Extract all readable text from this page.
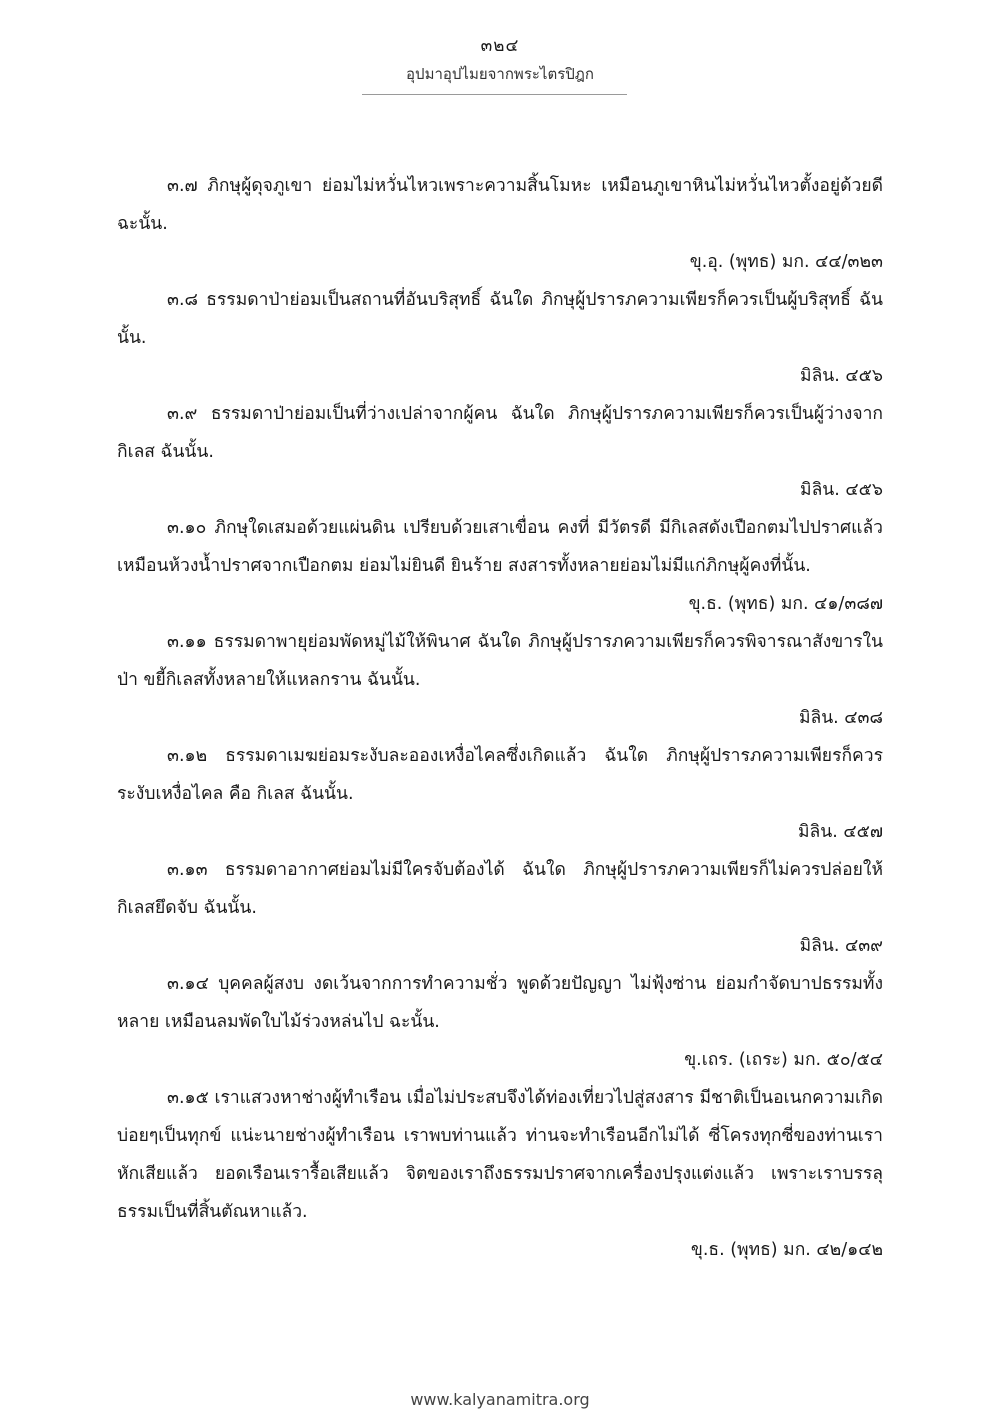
๓๒๔
อุปมาอุปไมยจากพระไตรปิฎก

๓.๗ ภิกษุผู้ดุจภูเขา ย่อมไม่หวั่นไหวเพราะความสิ้นโมหะ เหมือนภูเขาหินไม่หวั่นไหวตั้งอยู่ด้วยดี ฉะนั้น.

ขุ.อุ. (พุทธ) มก. ๔๔/๓๒๓

๓.๘ ธรรมดาป่าย่อมเป็นสถานที่อันบริสุทธิ์ ฉันใด ภิกษุผู้ปรารภความเพียรก็ควรเป็นผู้บริสุทธิ์ ฉันนั้น.

มิลิน. ๔๕๖

๓.๙ ธรรมดาป่าย่อมเป็นที่ว่างเปล่าจากผู้คน ฉันใด ภิกษุผู้ปรารภความเพียรก็ควรเป็นผู้ว่างจากกิเลส ฉันนั้น.

มิลิน. ๔๕๖

๓.๑๐ ภิกษุใดเสมอด้วยแผ่นดิน เปรียบด้วยเสาเขื่อน คงที่ มีวัตรดี มีกิเลสดังเปือกตมไปปราศแล้ว เหมือนห้วงน้ำปราศจากเปือกตม ย่อมไม่ยินดี ยินร้าย สงสารทั้งหลายย่อมไม่มีแก่ภิกษุผู้คงที่นั้น.

ขุ.ธ. (พุทธ) มก. ๔๑/๓๘๗

๓.๑๑ ธรรมดาพายุย่อมพัดหมู่ไม้ให้พินาศ ฉันใด ภิกษุผู้ปรารภความเพียรก็ควรพิจารณาสังขารในป่า ขยี้กิเลสทั้งหลายให้แหลกราน ฉันนั้น.

มิลิน. ๔๓๘

๓.๑๒ ธรรมดาเมฆย่อมระงับละอองเหงื่อไคลซึ่งเกิดแล้ว ฉันใด ภิกษุผู้ปรารภความเพียรก็ควรระงับเหงื่อไคล คือ กิเลส ฉันนั้น.

มิลิน. ๔๕๗

๓.๑๓ ธรรมดาอากาศย่อมไม่มีใครจับต้องได้ ฉันใด ภิกษุผู้ปรารภความเพียรก็ไม่ควรปล่อยให้กิเลสยึดจับ ฉันนั้น.

มิลิน. ๔๓๙

๓.๑๔ บุคคลผู้สงบ งดเว้นจากการทำความชั่ว พูดด้วยปัญญา ไม่ฟุ้งซ่าน ย่อมกำจัดบาปธรรมทั้งหลาย เหมือนลมพัดใบไม้ร่วงหล่นไป ฉะนั้น.

ขุ.เถร. (เถระ) มก. ๕๐/๕๔

๓.๑๕ เราแสวงหาช่างผู้ทำเรือน เมื่อไม่ประสบจึงได้ท่องเที่ยวไปสู่สงสาร มีชาติเป็นอเนกความเกิดบ่อยๆเป็นทุกข์ แน่ะนายช่างผู้ทำเรือน เราพบท่านแล้ว ท่านจะทำเรือนอีกไม่ได้ ซี่โครงทุกซี่ของท่านเราหักเสียแล้ว ยอดเรือนเรารื้อเสียแล้ว จิตของเราถึงธรรมปราศจากเครื่องปรุงแต่งแล้ว เพราะเราบรรลุธรรมเป็นที่สิ้นตัณหาแล้ว.

ขุ.ธ. (พุทธ) มก. ๔๒/๑๔๒

www.kalyanamitra.org
